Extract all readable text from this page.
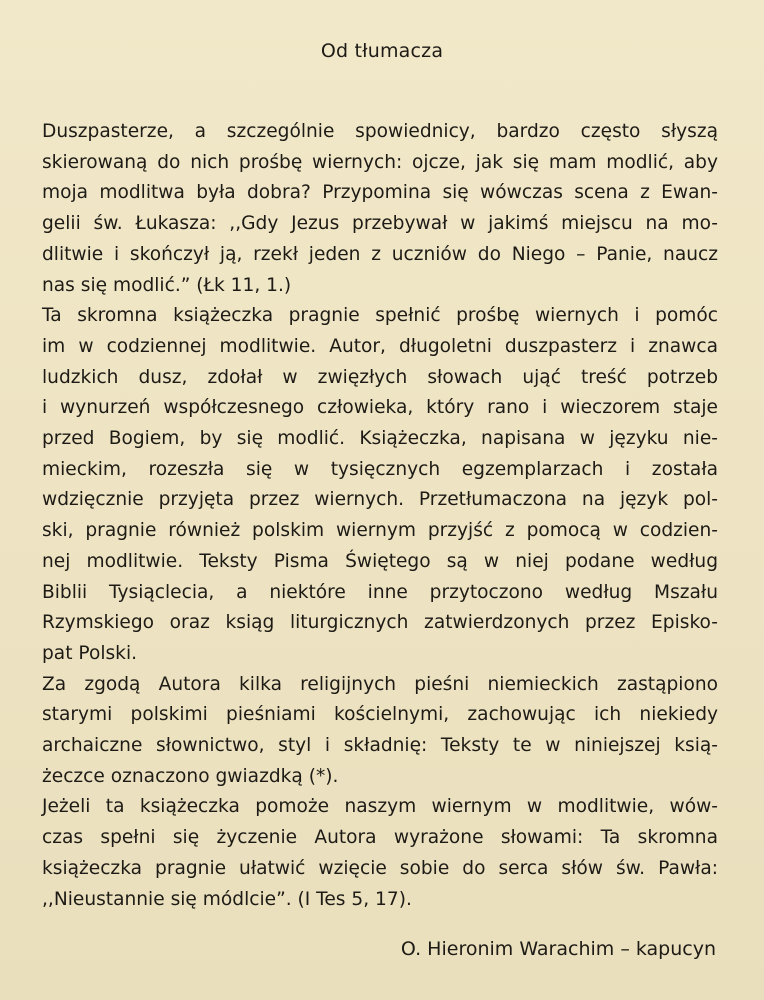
Od tłumacza
Duszpasterze, a szczególnie spowiednicy, bardzo często słyszą
skierowaną do nich prośbę wiernych: ojcze, jak się mam modlić, aby
moja modlitwa była dobra? Przypomina się wówczas scena z Ewan-
gelii św. Łukasza: ,,Gdy Jezus przebywał w jakimś miejscu na mo-
dlitwie i skończył ją, rzekł jeden z uczniów do Niego – Panie, naucz
nas się modlić.” (Łk 11, 1.)
Ta skromna książeczka pragnie spełnić prośbę wiernych i pomóc
im w codziennej modlitwie. Autor, długoletni duszpasterz i znawca
ludzkich dusz, zdołał w zwięzłych słowach ująć treść potrzeb
i wynurzeń współczesnego człowieka, który rano i wieczorem staje
przed Bogiem, by się modlić. Książeczka, napisana w języku nie-
mieckim, rozeszła się w tysięcznych egzemplarzach i została
wdzięcznie przyjęta przez wiernych. Przetłumaczona na język pol-
ski, pragnie również polskim wiernym przyjść z pomocą w codzien-
nej modlitwie. Teksty Pisma Świętego są w niej podane według
Biblii Tysiąclecia, a niektóre inne przytoczono według Mszału
Rzymskiego oraz ksiąg liturgicznych zatwierdzonych przez Episko-
pat Polski.
Za zgodą Autora kilka religijnych pieśni niemieckich zastąpiono
starymi polskimi pieśniami kościelnymi, zachowując ich niekiedy
archaiczne słownictwo, styl i składnię: Teksty te w niniejszej ksią-
żeczce oznaczono gwiazdką (*).
Jeżeli ta książeczka pomoże naszym wiernym w modlitwie, wów-
czas spełni się życzenie Autora wyrażone słowami: Ta skromna
książeczka pragnie ułatwić wzięcie sobie do serca słów św. Pawła:
,,Nieustannie się módlcie”. (I Tes 5, 17).
O. Hieronim Warachim – kapucyn
